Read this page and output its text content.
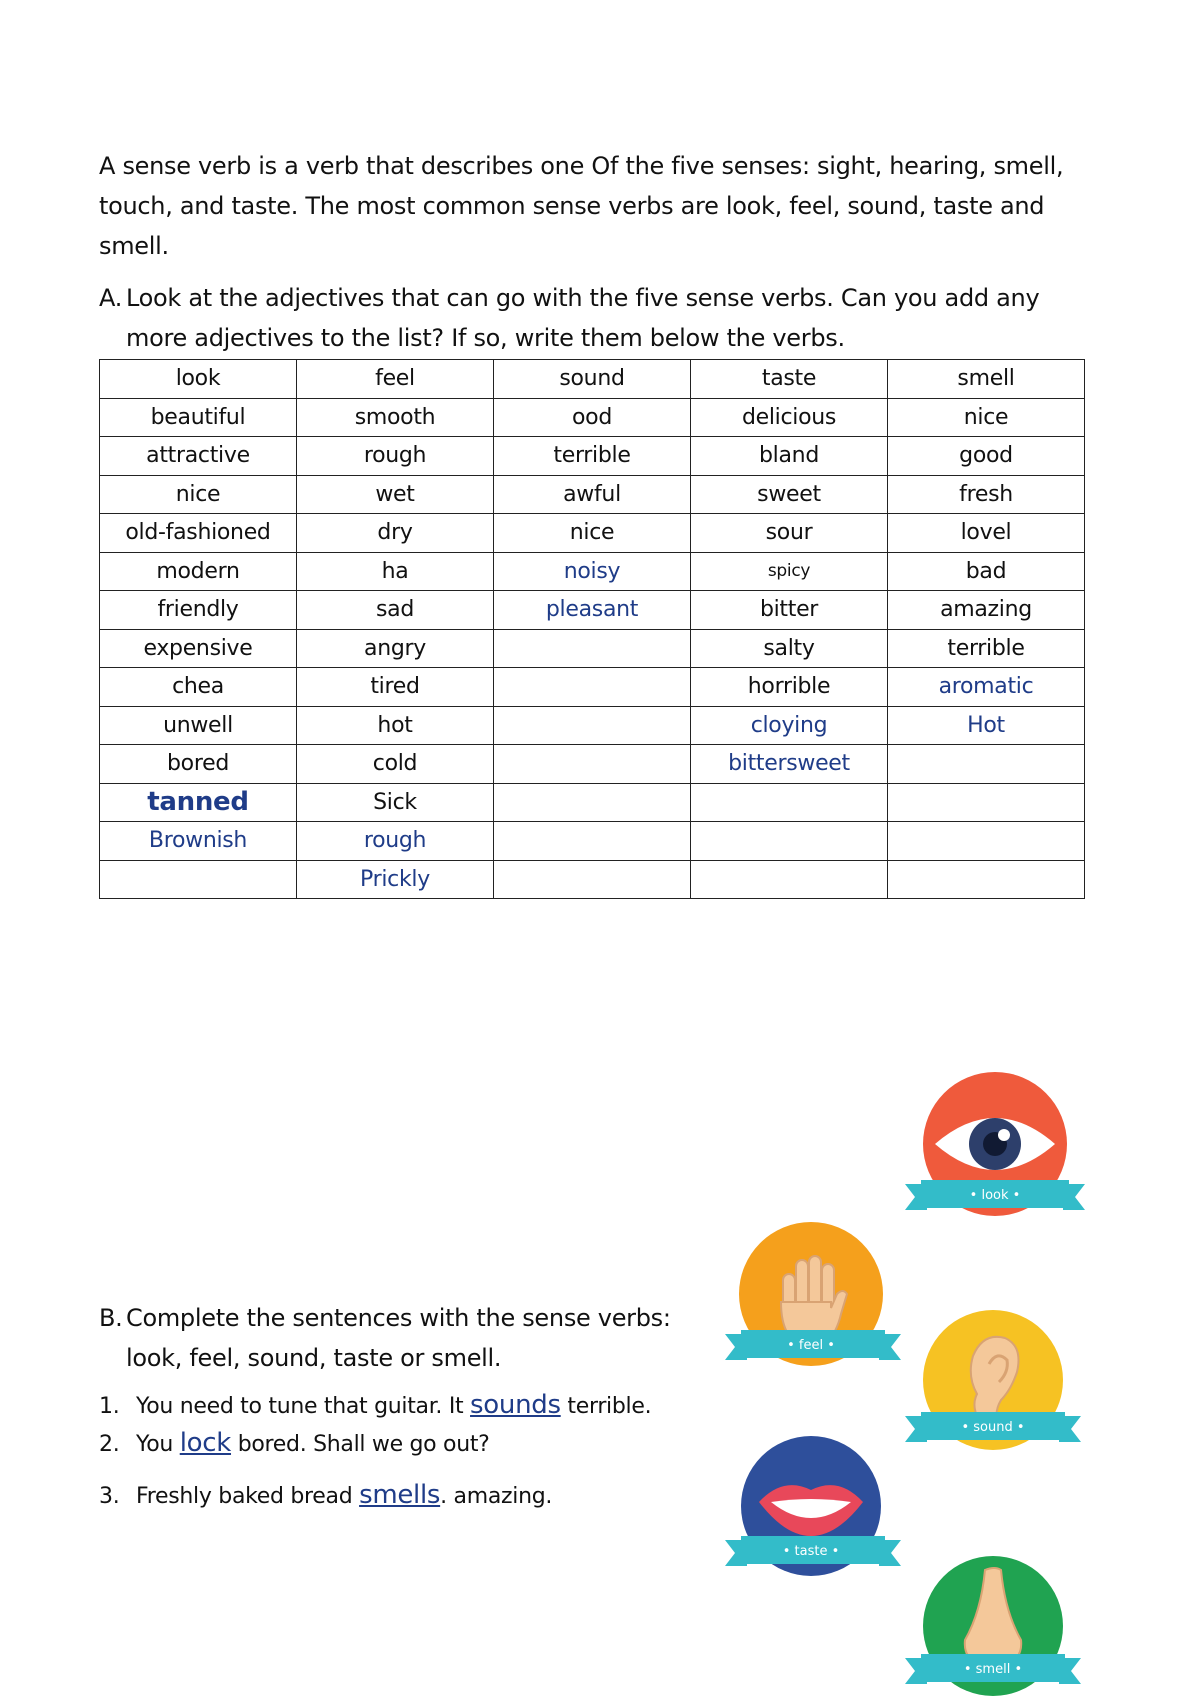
A sense verb is a verb that describes one Of the five senses: sight, hearing, smell, touch, and taste. The most common sense verbs are look, feel, sound, taste and smell.
A. Look at the adjectives that can go with the five sense verbs. Can you add any
more adjectives to the list? If so, write them below the verbs.
look	feel	sound	taste	smell
beautiful	smooth	ood	delicious	nice
attractive	rough	terrible	bland	good
nice	wet	awful	sweet	fresh
old-fashioned	dry	nice	sour	lovel
modern	ha	noisy	spicy	bad
friendly	sad	pleasant	bitter	amazing
expensive	angry		salty	terrible
chea	tired		horrible	aromatic
unwell	hot		cloying	Hot
bored	cold		bittersweet	
tanned	Sick			
Brownish	rough			
	Prickly			
B. Complete the sentences with the sense verbs:
look, feel, sound, taste or smell.
1. You need to tune that guitar. It sounds terrible.
2. You lock bored. Shall we go out?
3. Freshly baked bread smells. amazing.
• look •
• feel •
• sound •
• taste •
• smell •
